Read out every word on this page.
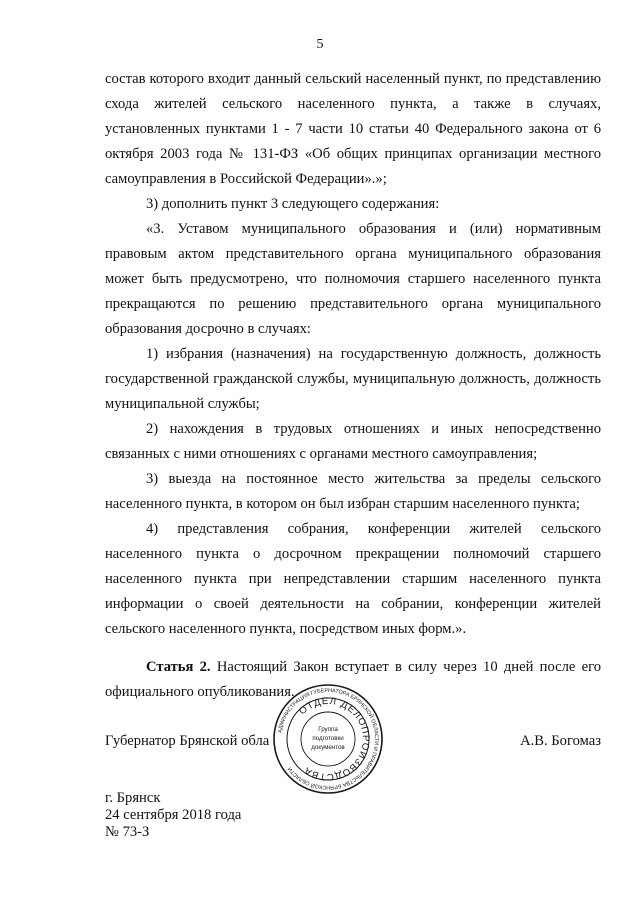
5

состав которого входит данный сельский населенный пункт, по представлению схода жителей сельского населенного пункта, а также в случаях, установленных пунктами 1 - 7 части 10 статьи 40 Федерального закона от 6 октября 2003 года № 131-ФЗ «Об общих принципах организации местного самоуправления в Российской Федерации».»;

3) дополнить пункт 3 следующего содержания:

«3. Уставом муниципального образования и (или) нормативным правовым актом представительного органа муниципального образования может быть предусмотрено, что полномочия старшего населенного пункта прекращаются по решению представительного органа муниципального образования досрочно в случаях:

1) избрания (назначения) на государственную должность, должность государственной гражданской службы, муниципальную должность, должность муниципальной службы;

2) нахождения в трудовых отношениях и иных непосредственно связанных с ними отношениях с органами местного самоуправления;

3) выезда на постоянное место жительства за пределы сельского населенного пункта, в котором он был избран старшим населенного пункта;

4) представления собрания, конференции жителей сельского населенного пункта о досрочном прекращении полномочий старшего населенного пункта при непредставлении старшим населенного пункта информации о своей деятельности на собрании, конференции жителей сельского населенного пункта, посредством иных форм.».

Статья 2. Настоящий Закон вступает в силу через 10 дней после его официального опубликования.

Губернатор Брянской обла	А.В. Богомаз
АДМИНИСТРАЦИЯ ГУБЕРНАТОРА БРЯНСКОЙ ОБЛАСТИ И ПРАВИТЕЛЬСТВА БРЯНСКОЙ ОБЛАСТИ
ОТДЕЛ ДЕЛОПРОИЗВОДСТВА
Группа
подготовки
документов
г. Брянск
24 сентября 2018 года
№ 73-З
